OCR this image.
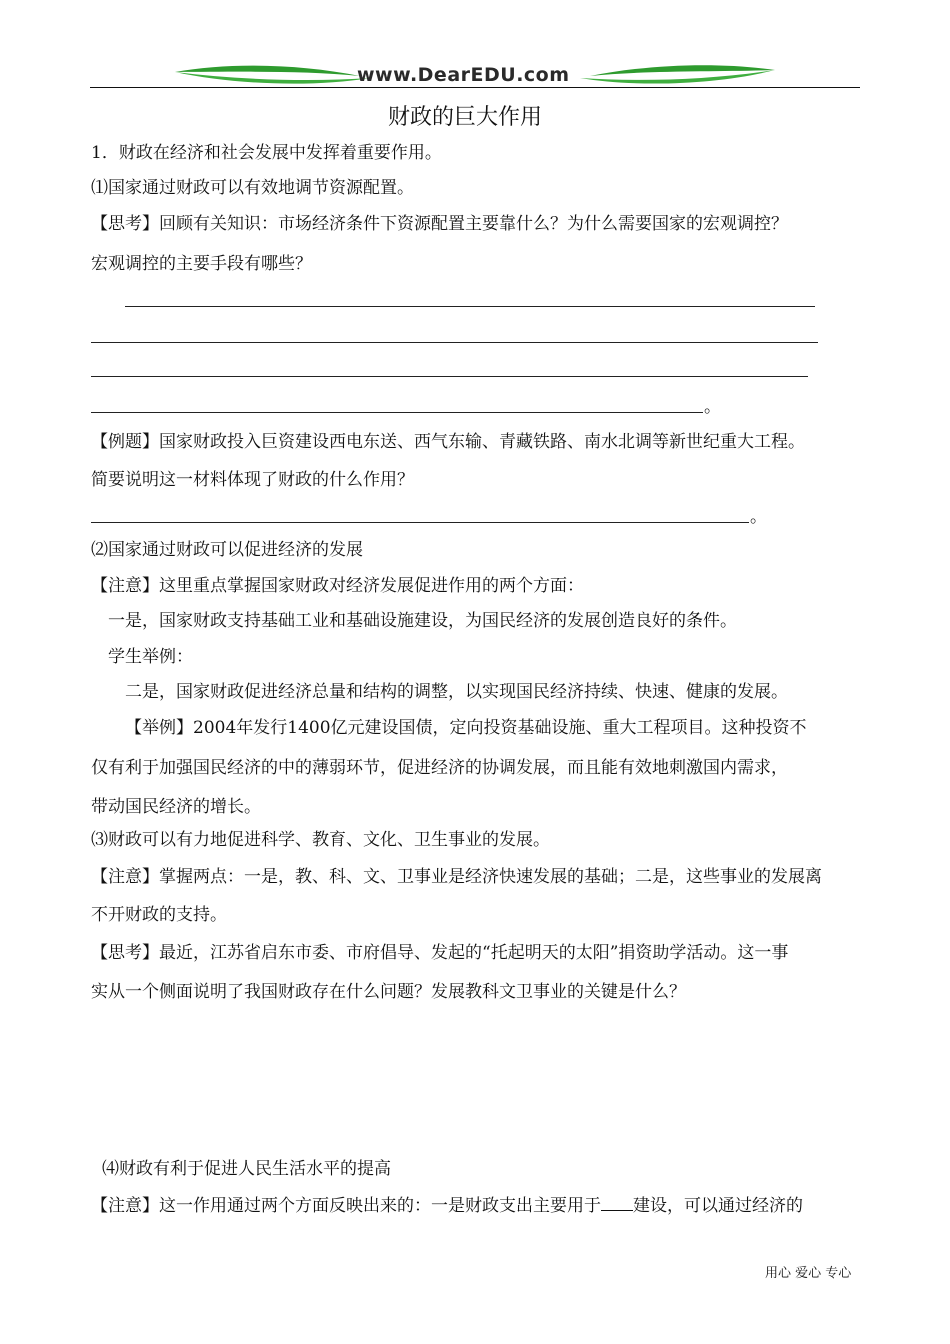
www.DearEDU.com
财政的巨大作用
1．财政在经济和社会发展中发挥着重要作用。
⑴国家通过财政可以有效地调节资源配置。
【思考】回顾有关知识：市场经济条件下资源配置主要靠什么？为什么需要国家的宏观调控？
宏观调控的主要手段有哪些？
。
【例题】国家财政投入巨资建设西电东送、西气东输、青藏铁路、南水北调等新世纪重大工程。
简要说明这一材料体现了财政的什么作用？
。
⑵国家通过财政可以促进经济的发展
【注意】这里重点掌握国家财政对经济发展促进作用的两个方面：
一是，国家财政支持基础工业和基础设施建设，为国民经济的发展创造良好的条件。
学生举例：
二是，国家财政促进经济总量和结构的调整，以实现国民经济持续、快速、健康的发展。
【举例】2004年发行1400亿元建设国债，定向投资基础设施、重大工程项目。这种投资不
仅有利于加强国民经济的中的薄弱环节，促进经济的协调发展，而且能有效地刺激国内需求，
带动国民经济的增长。
⑶财政可以有力地促进科学、教育、文化、卫生事业的发展。
【注意】掌握两点：一是，教、科、文、卫事业是经济快速发展的基础；二是，这些事业的发展离
不开财政的支持。
【思考】最近，江苏省启东市委、市府倡导、发起的“托起明天的太阳”捐资助学活动。这一事
实从一个侧面说明了我国财政存在什么问题？发展教科文卫事业的关键是什么？
⑷财政有利于促进人民生活水平的提高
【注意】这一作用通过两个方面反映出来的：一是财政支出主要用于 建设，可以通过经济的
用心 爱心 专心
